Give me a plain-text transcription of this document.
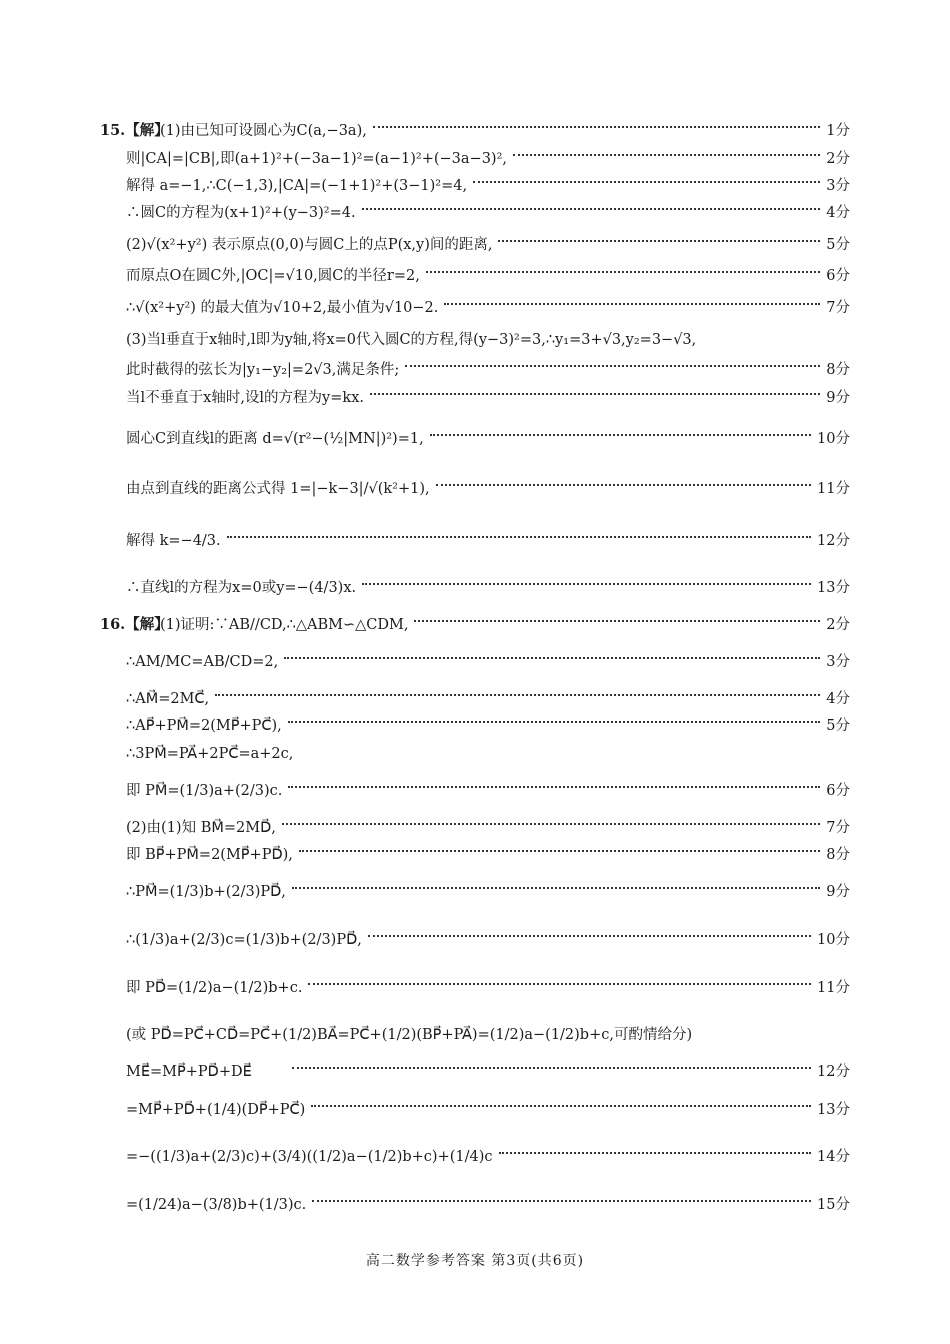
15.【解】
(1)由已知可设圆心为C(a,−3a),	1分
则|CA|=|CB|,即(a+1)²+(−3a−1)²=(a−1)²+(−3a−3)²,	2分
解得 a=−1,∴C(−1,3),|CA|=(−1+1)²+(3−1)²=4,	3分
∴圆C的方程为(x+1)²+(y−3)²=4.	4分
(2)√(x²+y²) 表示原点(0,0)与圆C上的点P(x,y)间的距离,	5分
而原点O在圆C外,|OC|=√10,圆C的半径r=2,	6分
∴√(x²+y²) 的最大值为√10+2,最小值为√10−2.	7分
(3)当l垂直于x轴时,l即为y轴,将x=0代入圆C的方程,得(y−3)²=3,∴y₁=3+√3,y₂=3−√3,
此时截得的弦长为|y₁−y₂|=2√3,满足条件;	8分
当l不垂直于x轴时,设l的方程为y=kx.	9分
圆心C到直线l的距离 d=√(r²−(½|MN|)²)=1,	10分
由点到直线的距离公式得 1=|−k−3|/√(k²+1),	11分
解得 k=−4/3.	12分
∴直线l的方程为x=0或y=−(4/3)x.	13分
16.【解】
(1)证明:∵AB//CD,∴△ABM∽△CDM,	2分
∴AM/MC=AB/CD=2,	3分
∴AM⃗=2MC⃗,	4分
∴AP⃗+PM⃗=2(MP⃗+PC⃗),	5分
∴3PM⃗=PA⃗+2PC⃗=a+2c,
即 PM⃗=(1/3)a+(2/3)c.	6分
(2)由(1)知 BM⃗=2MD⃗,	7分
即 BP⃗+PM⃗=2(MP⃗+PD⃗),	8分
∴PM⃗=(1/3)b+(2/3)PD⃗,	9分
∴(1/3)a+(2/3)c=(1/3)b+(2/3)PD⃗,	10分
即 PD⃗=(1/2)a−(1/2)b+c.	11分
(或 PD⃗=PC⃗+CD⃗=PC⃗+(1/2)BA⃗=PC⃗+(1/2)(BP⃗+PA⃗)=(1/2)a−(1/2)b+c,可酌情给分)
ME⃗=MP⃗+PD⃗+DE⃗	12分
=MP⃗+PD⃗+(1/4)(DP⃗+PC⃗)	13分
=−((1/3)a+(2/3)c)+(3/4)((1/2)a−(1/2)b+c)+(1/4)c	14分
=(1/24)a−(3/8)b+(1/3)c.	15分
高二数学参考答案 第3页(共6页)
